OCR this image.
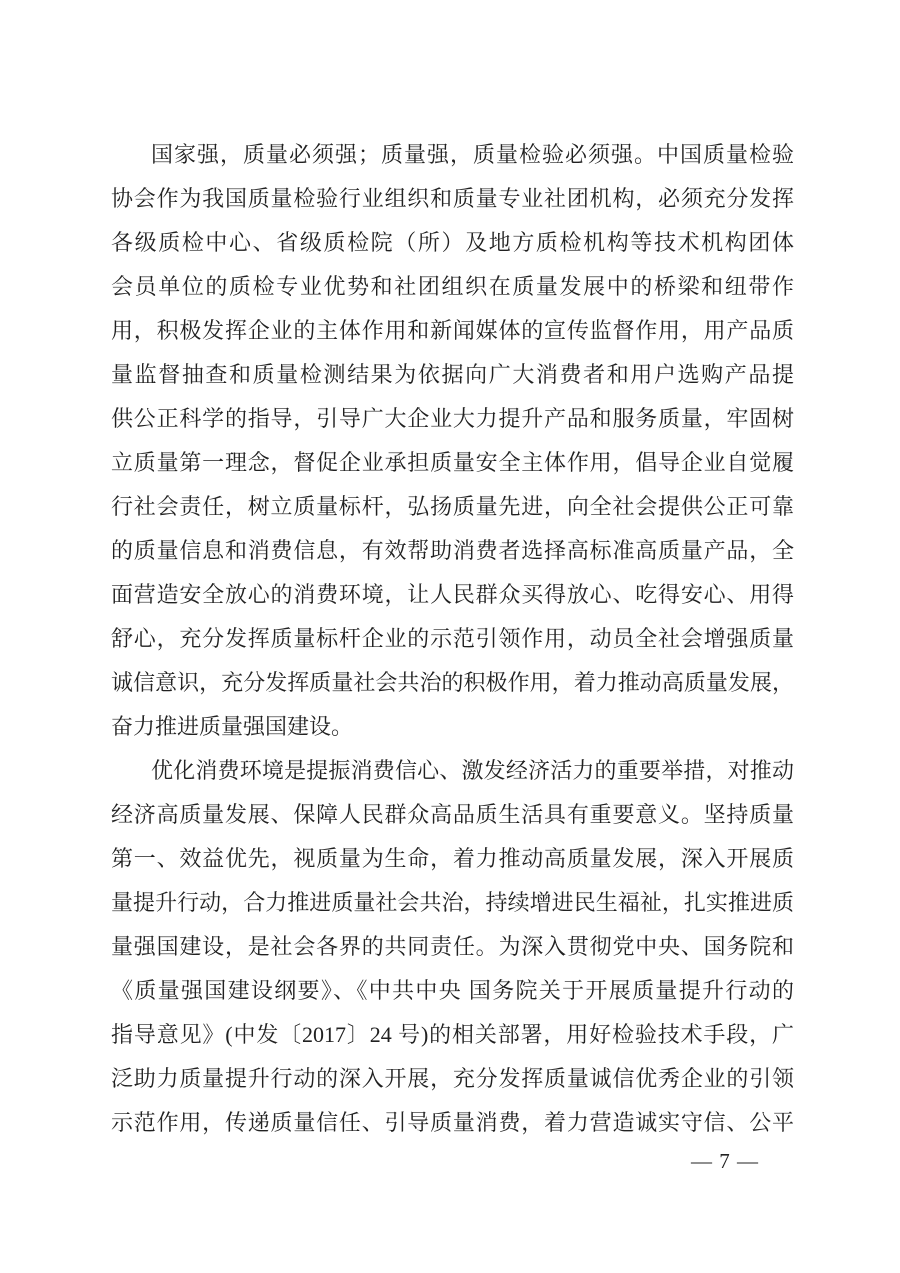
国家强，质量必须强；质量强，质量检验必须强。中国质量检验
协会作为我国质量检验行业组织和质量专业社团机构，必须充分发挥
各级质检中心、省级质检院（所）及地方质检机构等技术机构团体
会员单位的质检专业优势和社团组织在质量发展中的桥梁和纽带作
用，积极发挥企业的主体作用和新闻媒体的宣传监督作用，用产品质
量监督抽查和质量检测结果为依据向广大消费者和用户选购产品提
供公正科学的指导，引导广大企业大力提升产品和服务质量，牢固树
立质量第一理念，督促企业承担质量安全主体作用，倡导企业自觉履
行社会责任，树立质量标杆，弘扬质量先进，向全社会提供公正可靠
的质量信息和消费信息，有效帮助消费者选择高标准高质量产品，全
面营造安全放心的消费环境，让人民群众买得放心、吃得安心、用得
舒心，充分发挥质量标杆企业的示范引领作用，动员全社会增强质量
诚信意识，充分发挥质量社会共治的积极作用，着力推动高质量发展，
奋力推进质量强国建设。
优化消费环境是提振消费信心、激发经济活力的重要举措，对推动
经济高质量发展、保障人民群众高品质生活具有重要意义。坚持质量
第一、效益优先，视质量为生命，着力推动高质量发展，深入开展质
量提升行动，合力推进质量社会共治，持续增进民生福祉，扎实推进质
量强国建设，是社会各界的共同责任。为深入贯彻党中央、国务院和
《质量强国建设纲要》、《中共中央 国务院关于开展质量提升行动的
指导意见》(中发〔2017〕24 号)的相关部署，用好检验技术手段，广
泛助力质量提升行动的深入开展，充分发挥质量诚信优秀企业的引领
示范作用，传递质量信任、引导质量消费，着力营造诚实守信、公平
— 7 —
